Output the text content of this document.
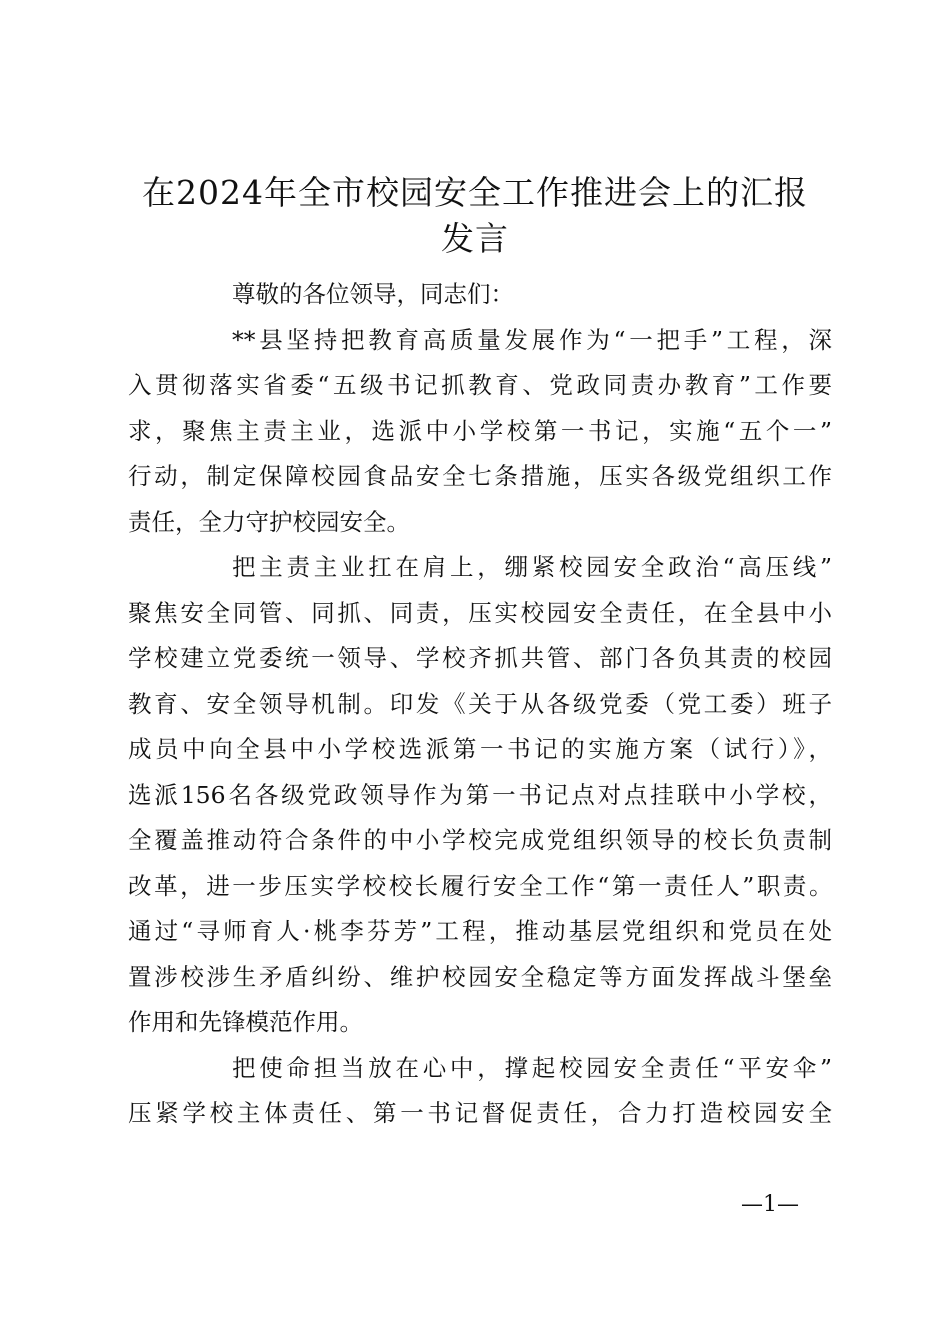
在2024年全市校园安全工作推进会上的汇报
发言
尊敬的各位领导，同志们：
**县坚持把教育高质量发展作为“一把手”工程，深
入贯彻落实省委“五级书记抓教育、党政同责办教育”工作要
求，聚焦主责主业，选派中小学校第一书记，实施“五个一”
行动，制定保障校园食品安全七条措施，压实各级党组织工作
责任，全力守护校园安全。
把主责主业扛在肩上，绷紧校园安全政治“高压线”
聚焦安全同管、同抓、同责，压实校园安全责任，在全县中小
学校建立党委统一领导、学校齐抓共管、部门各负其责的校园
教育、安全领导机制。印发《关于从各级党委（党工委）班子
成员中向全县中小学校选派第一书记的实施方案（试行）》，
选派156名各级党政领导作为第一书记点对点挂联中小学校，
全覆盖推动符合条件的中小学校完成党组织领导的校长负责制
改革，进一步压实学校校长履行安全工作“第一责任人”职责。
通过“寻师育人·桃李芬芳”工程，推动基层党组织和党员在处
置涉校涉生矛盾纠纷、维护校园安全稳定等方面发挥战斗堡垒
作用和先锋模范作用。
把使命担当放在心中，撑起校园安全责任“平安伞”
压紧学校主体责任、第一书记督促责任，合力打造校园安全
—1—
